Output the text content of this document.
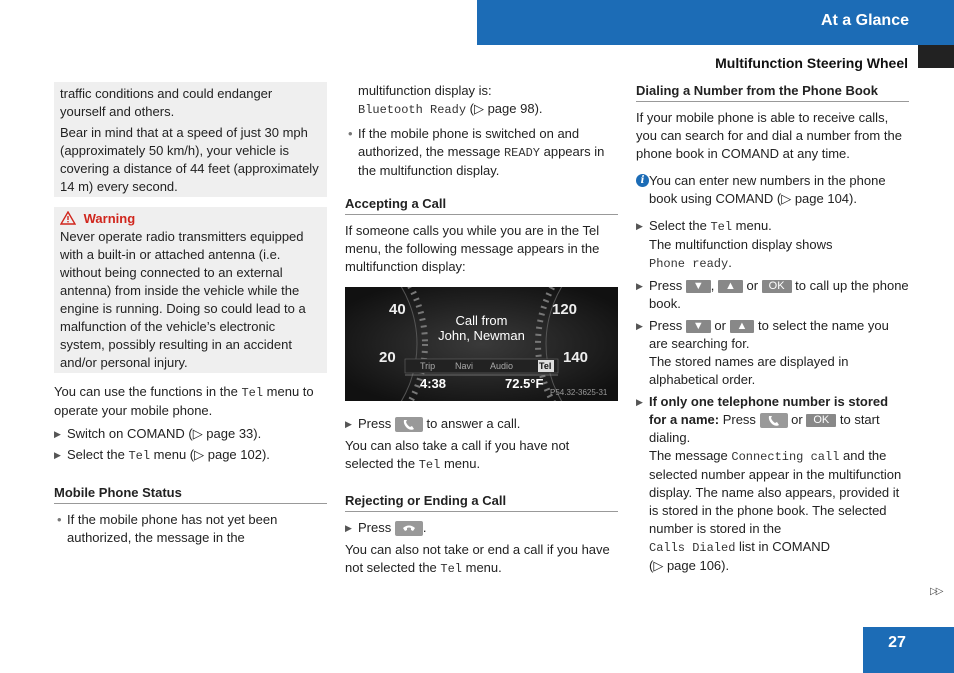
At a Glance
Multifunction Steering Wheel

traffic conditions and could endanger yourself and others.

Bear in mind that at a speed of just 30 mph (approximately 50 km/h), your vehicle is covering a distance of 44 feet (approximately 14 m) every second.

Warning

Never operate radio transmitters equipped with a built-in or attached antenna (i.e. without being connected to an external antenna) from inside the vehicle while the engine is running. Doing so could lead to a malfunction of the vehicle’s electronic system, possibly resulting in an accident and/or personal injury.

You can use the functions in the Tel menu to operate your mobile phone.

▶ Switch on COMAND (▷ page 33).
▶ Select the Tel menu (▷ page 102).
Mobile Phone Status
• If the mobile phone has not yet been authorized, the message in the

multifunction display is:

Bluetooth Ready (▷ page 98).

• If the mobile phone is switched on and authorized, the message READY appears in the multifunction display.
Accepting a Call

If someone calls you while you are in the Tel menu, the following message appears in the multifunction display:

40
20
120
140
Call from
John, Newman
Trip Navi Audio	Tel
4:38	72.5°F
P54.32-3625-31
▶ Press
to answer a call.

You can also take a call if you have not selected the Tel menu.

Rejecting or Ending a Call
▶ Press
.

You can also not take or end a call if you have not selected the Tel menu.

Dialing a Number from the Phone Book

If your mobile phone is able to receive calls, you can search for and dial a number from the phone book in COMAND at any time.

i You can enter new numbers in the phone book using COMAND (▷ page 104).
▶ Select the Tel menu.
The multifunction display shows
Phone ready.
▶ Press ▼ , ▲ or OK to call up the phone book.
▶ Press ▼ or ▲ to select the name you are searching for.
The stored names are displayed in alphabetical order.
▶ If only one telephone number is stored for a name: Press
or OK to start dialing.
The message Connecting call and the selected number appear in the multifunction display. The name also appears, provided it is stored in the phone book. The selected number is stored in the
Calls Dialed list in COMAND
(▷ page 106).
▷▷
27
